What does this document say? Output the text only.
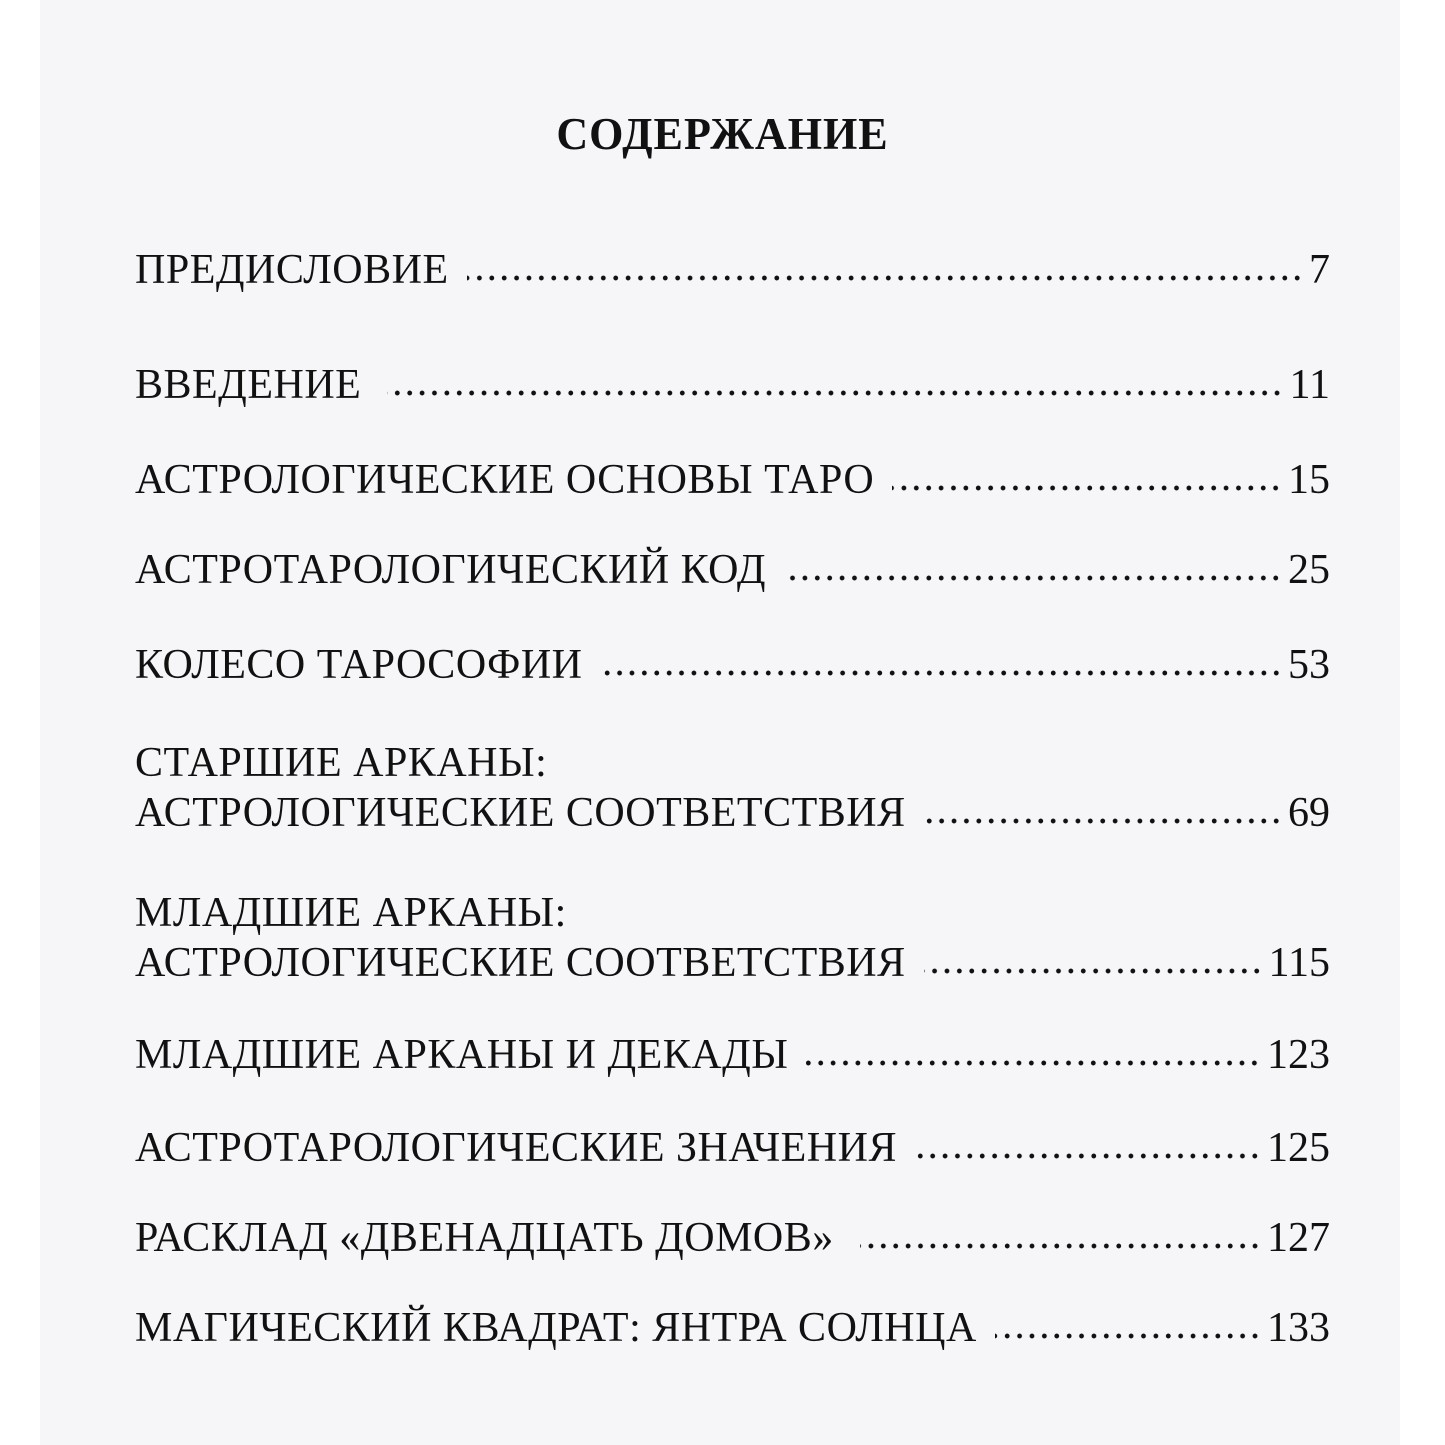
СОДЕРЖАНИЕ
ПРЕДИСЛОВИЕ	7
ВВЕДЕНИЕ	11
АСТРОЛОГИЧЕСКИЕ ОСНОВЫ ТАРО	15
АСТРОТАРОЛОГИЧЕСКИЙ КОД	25
КОЛЕСО ТАРОСОФИИ	53
СТАРШИЕ АРКАНЫ:
АСТРОЛОГИЧЕСКИЕ СООТВЕТСТВИЯ	69
МЛАДШИЕ АРКАНЫ:
АСТРОЛОГИЧЕСКИЕ СООТВЕТСТВИЯ	115
МЛАДШИЕ АРКАНЫ И ДЕКАДЫ	123
АСТРОТАРОЛОГИЧЕСКИЕ ЗНАЧЕНИЯ	125
РАСКЛАД «ДВЕНАДЦАТЬ ДОМОВ»	127
МАГИЧЕСКИЙ КВАДРАТ: ЯНТРА СОЛНЦА	133
